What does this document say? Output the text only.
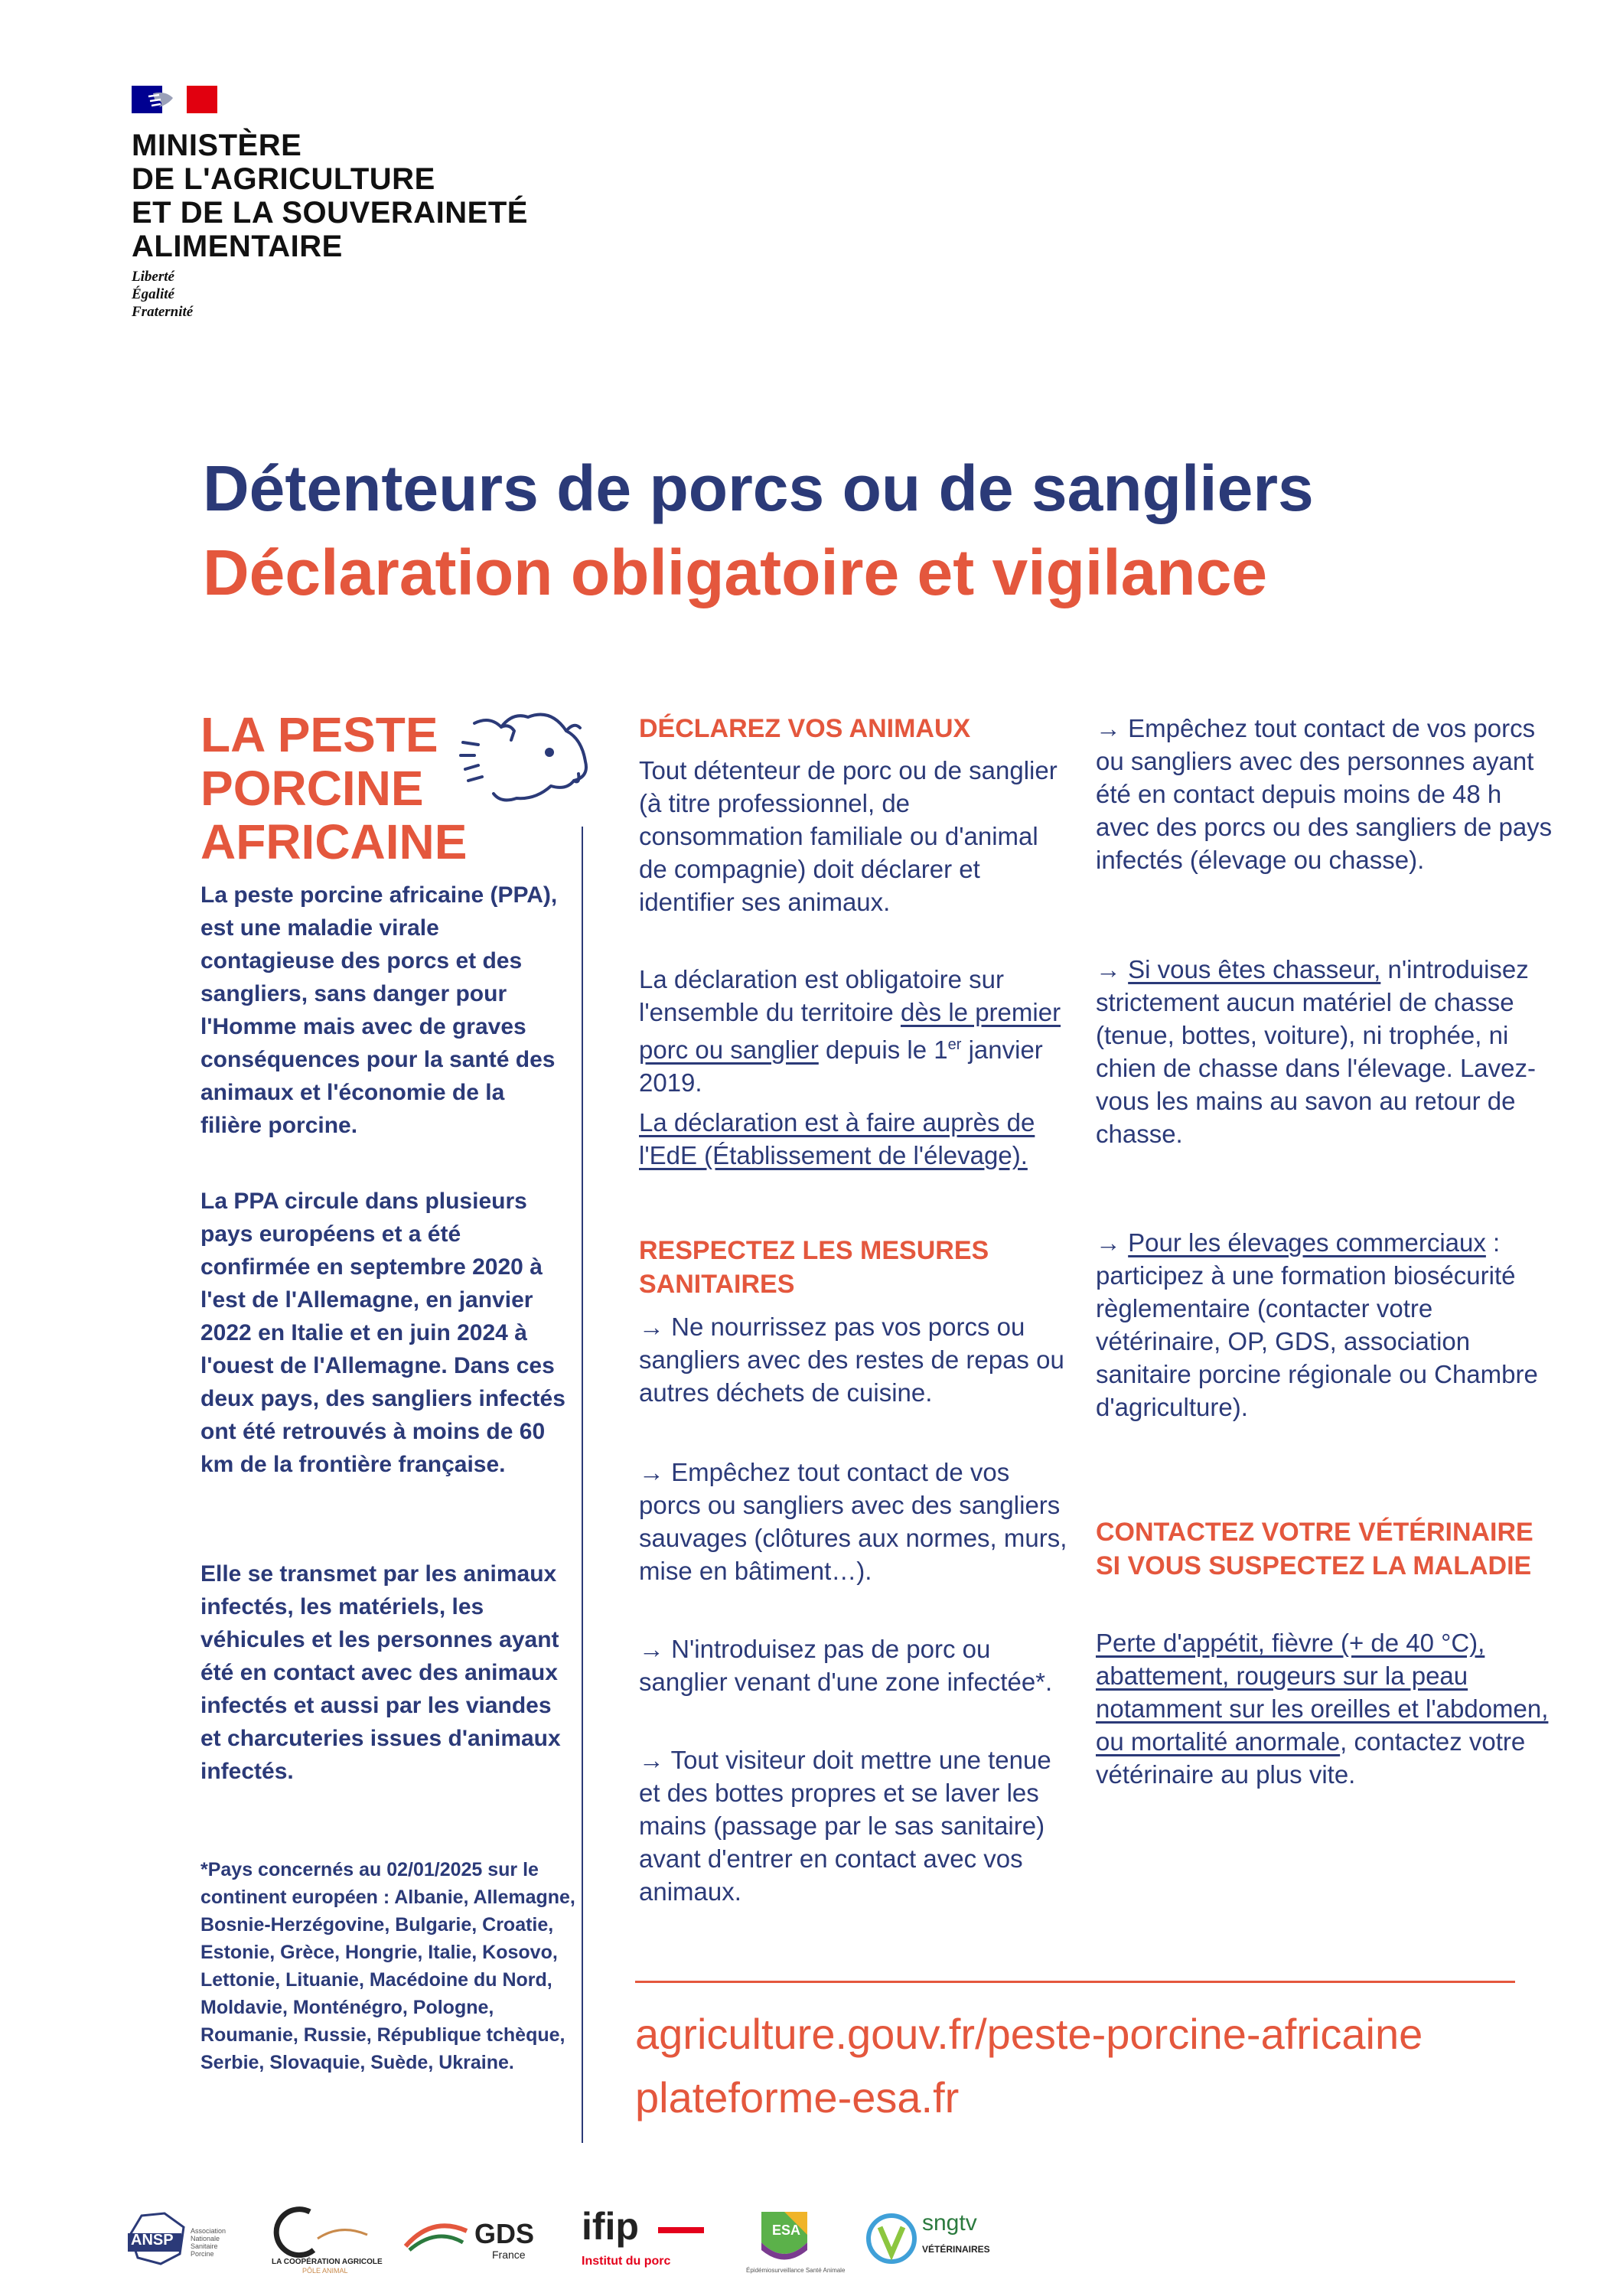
MINISTÈRE
DE L'AGRICULTURE
ET DE LA SOUVERAINETÉ
ALIMENTAIRE
Liberté
Égalité
Fraternité
Détenteurs de porcs ou de sangliers
Déclaration obligatoire et vigilance
LA PESTE
PORCINE
AFRICAINE
La peste porcine africaine (PPA), est une maladie virale contagieuse des porcs et des sangliers, sans danger pour l'Homme mais avec de graves conséquences pour la santé des animaux et l'économie de la filière porcine.
La PPA circule dans plusieurs pays européens et a été confirmée en septembre 2020 à l'est de l'Allemagne, en janvier 2022 en Italie et en juin 2024 à l'ouest de l'Allemagne. Dans ces deux pays, des sangliers infectés ont été retrouvés à moins de 60 km de la frontière française.
Elle se transmet par les animaux infectés, les matériels, les véhicules et les personnes ayant été en contact avec des animaux infectés et aussi par les viandes et charcuteries issues d'animaux infectés.
*Pays concernés au 02/01/2025 sur le continent européen : Albanie, Allemagne, Bosnie-Herzégovine, Bulgarie, Croatie, Estonie, Grèce, Hongrie, Italie, Kosovo, Lettonie, Lituanie, Macédoine du Nord, Moldavie, Monténégro, Pologne, Roumanie, Russie, République tchèque, Serbie, Slovaquie, Suède, Ukraine.
DÉCLAREZ VOS ANIMAUX
Tout détenteur de porc ou de sanglier (à titre professionnel, de consommation familiale ou d'animal de compagnie) doit déclarer et identifier ses animaux.
La déclaration est obligatoire sur l'ensemble du territoire dès le premier porc ou sanglier depuis le 1er janvier 2019.
La déclaration est à faire auprès de l'EdE (Établissement de l'élevage).
RESPECTEZ LES MESURES SANITAIRES
→ Ne nourrissez pas vos porcs ou sangliers avec des restes de repas ou autres déchets de cuisine.
→ Empêchez tout contact de vos porcs ou sangliers avec des sangliers sauvages (clôtures aux normes, murs, mise en bâtiment…).
→ N'introduisez pas de porc ou sanglier venant d'une zone infectée*.
→ Tout visiteur doit mettre une tenue et des bottes propres et se laver les mains (passage par le sas sanitaire) avant d'entrer en contact avec vos animaux.
→ Empêchez tout contact de vos porcs ou sangliers avec des personnes ayant été en contact depuis moins de 48 h avec des porcs ou des sangliers de pays infectés (élevage ou chasse).
→ Si vous êtes chasseur, n'introduisez strictement aucun matériel de chasse (tenue, bottes, voiture), ni trophée, ni chien de chasse dans l'élevage. Lavez-vous les mains au savon au retour de chasse.
→ Pour les élevages commerciaux : participez à une formation biosécurité règlementaire (contacter votre vétérinaire, OP, GDS, association sanitaire porcine régionale ou Chambre d'agriculture).
CONTACTEZ VOTRE VÉTÉRINAIRE SI VOUS SUSPECTEZ LA MALADIE
Perte d'appétit, fièvre (+ de 40 °C), abattement, rougeurs sur la peau notamment sur les oreilles et l'abdomen, ou mortalité anormale, contactez votre vétérinaire au plus vite.
agriculture.gouv.fr/peste-porcine-africaine
plateforme-esa.fr
ANSP
Association Nationale Sanitaire Porcine
LA COOPÉRATION AGRICOLE
PÔLE ANIMAL
GDS
France
ifip
Institut du porc
ESA
Épidémiosurveillance Santé Animale
sngtv
VÉTÉRINAIRES
